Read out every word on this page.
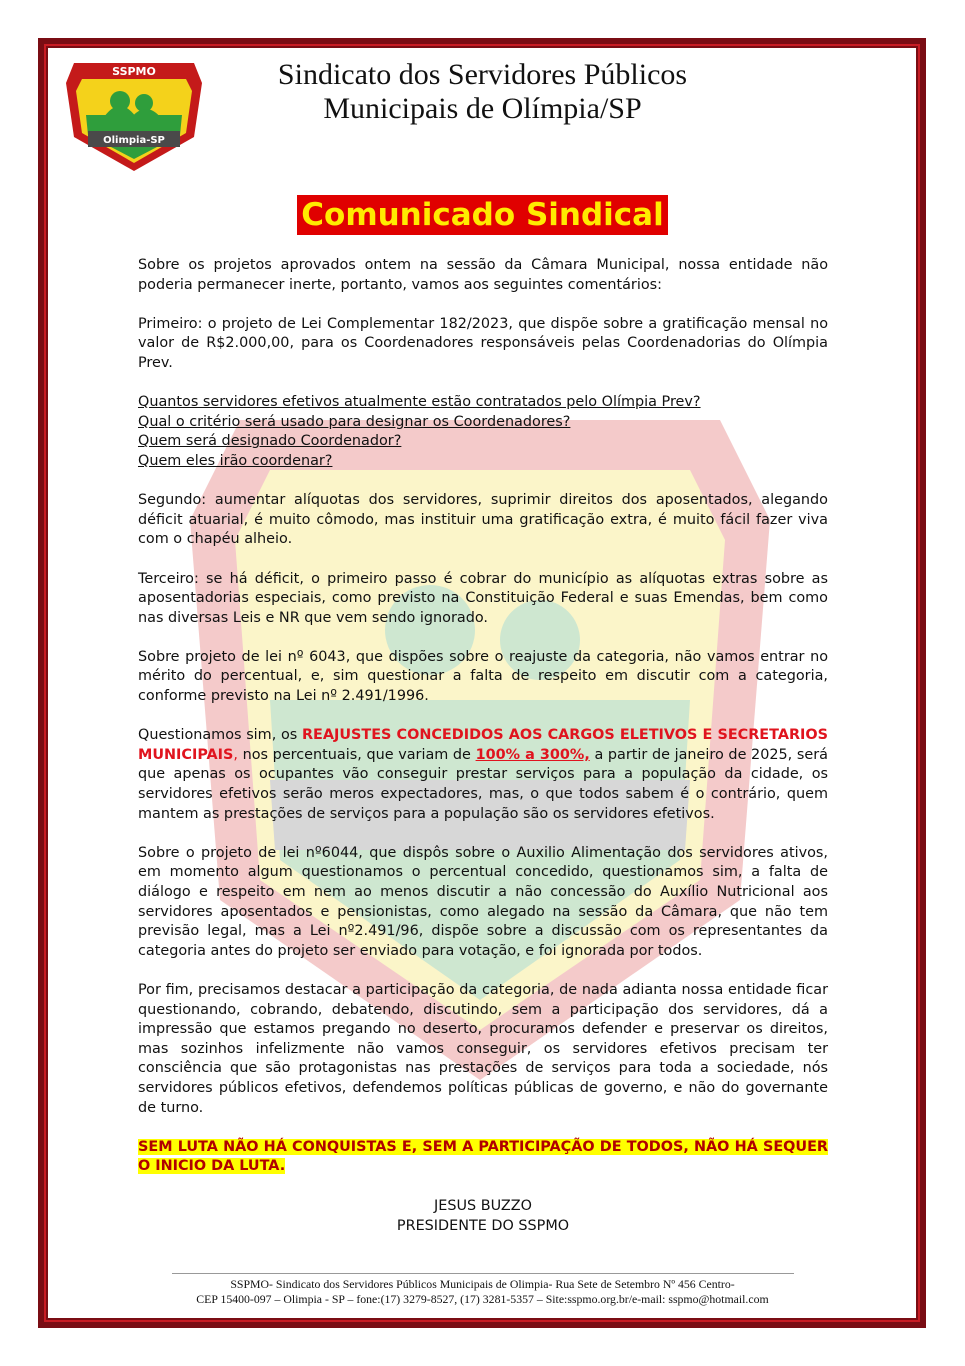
SSPMO
Olimpia-SP
Sindicato dos Servidores Públicos
Municipais de Olímpia/SP
Comunicado Sindical

Sobre os projetos aprovados ontem na sessão da Câmara Municipal, nossa entidade não poderia permanecer inerte, portanto, vamos aos seguintes comentários:

Primeiro: o projeto de Lei Complementar 182/2023, que dispõe sobre a gratificação mensal no valor de R$2.000,00, para os Coordenadores responsáveis pelas Coordenadorias do Olímpia Prev.

Quantos servidores efetivos atualmente estão contratados pelo Olímpia Prev?
Qual o critério será usado para designar os Coordenadores?
Quem será designado Coordenador?
Quem eles irão coordenar?

Segundo: aumentar alíquotas dos servidores, suprimir direitos dos aposentados, alegando déficit atuarial, é muito cômodo, mas instituir uma gratificação extra, é muito fácil fazer viva com o chapéu alheio.

Terceiro: se há déficit, o primeiro passo é cobrar do município as alíquotas extras sobre as aposentadorias especiais, como previsto na Constituição Federal e suas Emendas, bem como nas diversas Leis e NR que vem sendo ignorado.

Sobre projeto de lei nº 6043, que dispões sobre o reajuste da categoria, não vamos entrar no mérito do percentual, e, sim questionar a falta de respeito em discutir com a categoria, conforme previsto na Lei nº 2.491/1996.

Questionamos sim, os REAJUSTES CONCEDIDOS AOS CARGOS ELETIVOS E SECRETARIOS MUNICIPAIS, nos percentuais, que variam de 100% a 300%, a partir de janeiro de 2025, será que apenas os ocupantes vão conseguir prestar serviços para a população da cidade, os servidores efetivos serão meros expectadores, mas, o que todos sabem é o contrário, quem mantem as prestações de serviços para a população são os servidores efetivos.

Sobre o projeto de lei nº6044, que dispôs sobre o Auxilio Alimentação dos servidores ativos, em momento algum questionamos o percentual concedido, questionamos sim, a falta de diálogo e respeito em nem ao menos discutir a não concessão do Auxílio Nutricional aos servidores aposentados e pensionistas, como alegado na sessão da Câmara, que não tem previsão legal, mas a Lei nº2.491/96, dispõe sobre a discussão com os representantes da categoria antes do projeto ser enviado para votação, e foi ignorada por todos.

Por fim, precisamos destacar a participação da categoria, de nada adianta nossa entidade ficar questionando, cobrando, debatendo, discutindo, sem a participação dos servidores, dá a impressão que estamos pregando no deserto, procuramos defender e preservar os direitos, mas sozinhos infelizmente não vamos conseguir, os servidores efetivos precisam ter consciência que são protagonistas nas prestações de serviços para toda a sociedade, nós servidores públicos efetivos, defendemos políticas públicas de governo, e não do governante de turno.

SEM LUTA NÃO HÁ CONQUISTAS E, SEM A PARTICIPAÇÃO DE TODOS, NÃO HÁ SEQUER O INICIO DA LUTA.

JESUS BUZZO
PRESIDENTE DO SSPMO
SSPMO- Sindicato dos Servidores Públicos Municipais de Olimpia- Rua Sete de Setembro Nº 456 Centro-
CEP 15400-097 – Olimpia - SP – fone:(17) 3279-8527, (17) 3281-5357 – Site:sspmo.org.br/e-mail: sspmo@hotmail.com
